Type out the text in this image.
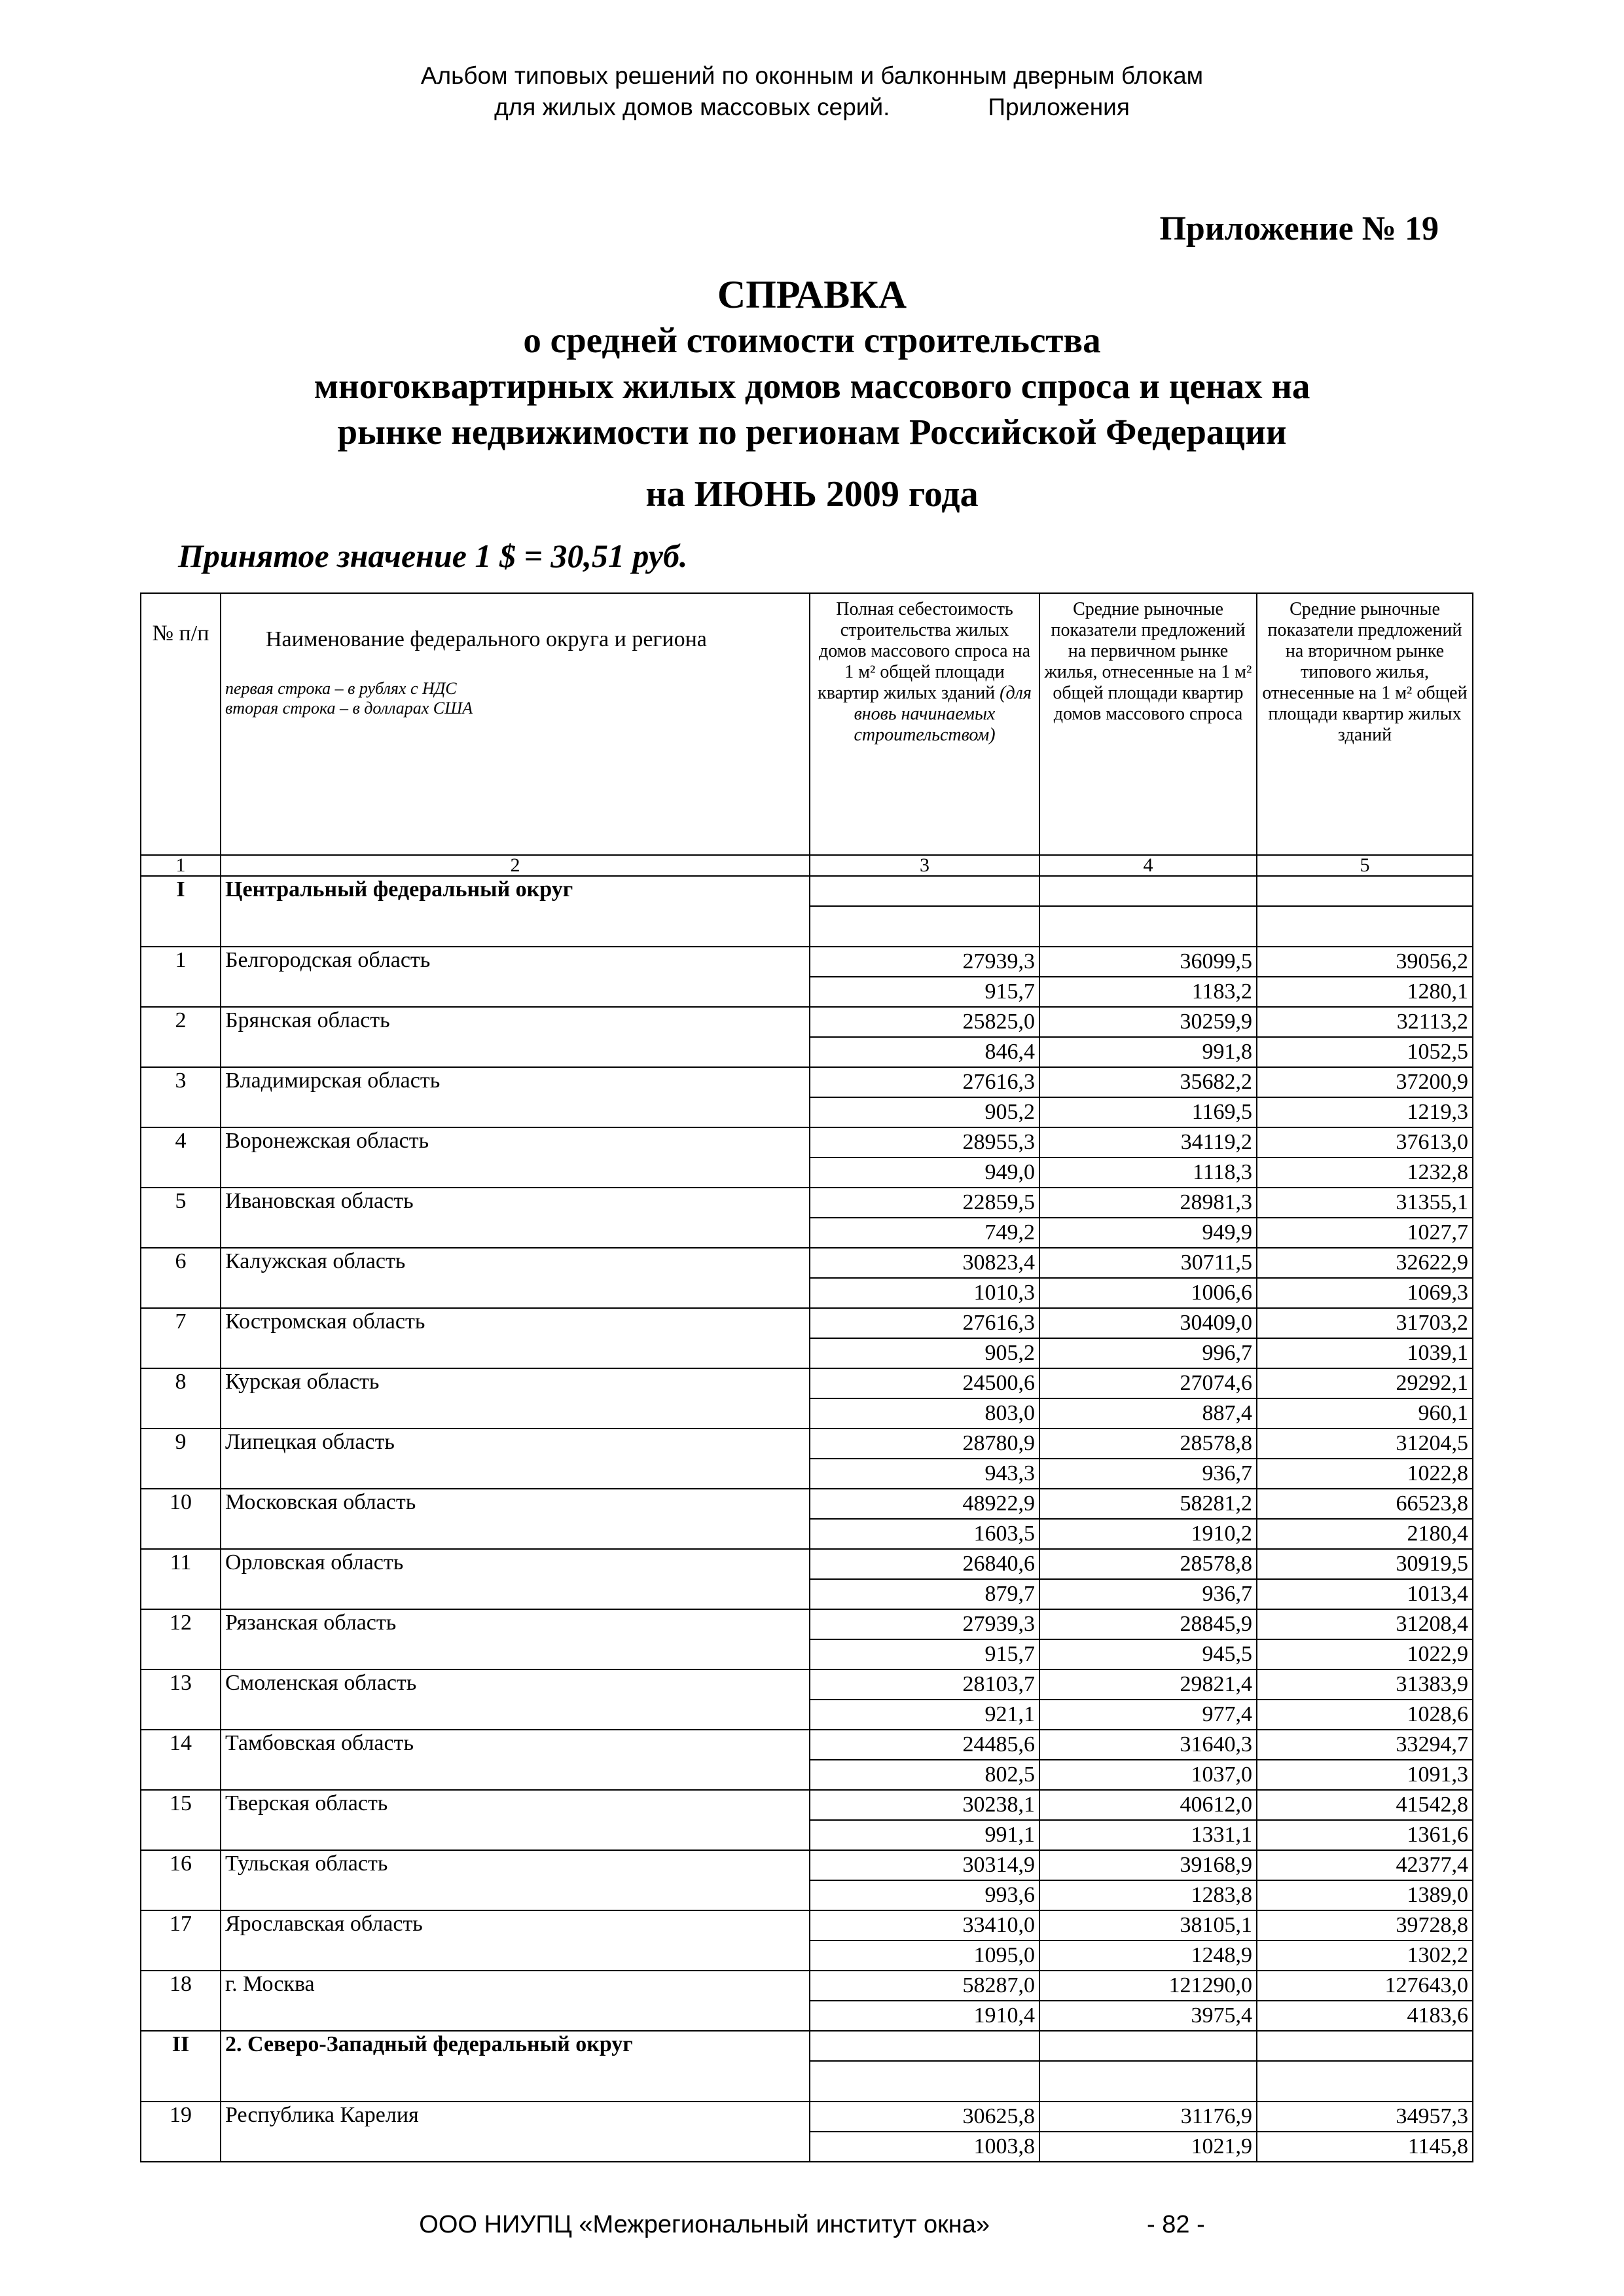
Альбом типовых решений по оконным и балконным дверным блокам
для жилых домов массовых серий.	Приложения
Приложение № 19
СПРАВКА
о средней стоимости строительства
многоквартирных жилых домов массового спроса и ценах на
рынке недвижимости по регионам Российской Федерации
на ИЮНЬ 2009 года
Принятое значение 1 $ = 30,51 руб.
№ п/п	Наименование федерального округа и региона
первая строка – в рублях с НДС
вторая строка – в долларах США	Полная себестоимость строительства жилых домов массового спроса на 1 м² общей площади квартир жилых зданий (для вновь начинаемых строительством)	Средние рыночные показатели предложений на первичном рынке жилья, отнесенные на 1 м² общей площади квартир домов массового спроса	Средние рыночные показатели предложений на вторичном рынке типового жилья, отнесенные на 1 м² общей площади квартир жилых зданий
1	2	3	4	5
I	Центральный федеральный округ			

1	Белгородская область	27939,3	36099,5	39056,2
		915,7	1183,2	1280,1
2	Брянская область	25825,0	30259,9	32113,2
		846,4	991,8	1052,5
3	Владимирская область	27616,3	35682,2	37200,9
		905,2	1169,5	1219,3
4	Воронежская область	28955,3	34119,2	37613,0
		949,0	1118,3	1232,8
5	Ивановская область	22859,5	28981,3	31355,1
		749,2	949,9	1027,7
6	Калужская область	30823,4	30711,5	32622,9
		1010,3	1006,6	1069,3
7	Костромская область	27616,3	30409,0	31703,2
		905,2	996,7	1039,1
8	Курская область	24500,6	27074,6	29292,1
		803,0	887,4	960,1
9	Липецкая область	28780,9	28578,8	31204,5
		943,3	936,7	1022,8
10	Московская область	48922,9	58281,2	66523,8
		1603,5	1910,2	2180,4
11	Орловская область	26840,6	28578,8	30919,5
		879,7	936,7	1013,4
12	Рязанская область	27939,3	28845,9	31208,4
		915,7	945,5	1022,9
13	Смоленская область	28103,7	29821,4	31383,9
		921,1	977,4	1028,6
14	Тамбовская область	24485,6	31640,3	33294,7
		802,5	1037,0	1091,3
15	Тверская область	30238,1	40612,0	41542,8
		991,1	1331,1	1361,6
16	Тульская область	30314,9	39168,9	42377,4
		993,6	1283,8	1389,0
17	Ярославская область	33410,0	38105,1	39728,8
		1095,0	1248,9	1302,2
18	г. Москва	58287,0	121290,0	127643,0
		1910,4	3975,4	4183,6
II	2. Северо-Западный федеральный округ			

19	Республика Карелия	30625,8	31176,9	34957,3
		1003,8	1021,9	1145,8
ООО НИУПЦ «Межрегиональный институт окна»	- 82 -
